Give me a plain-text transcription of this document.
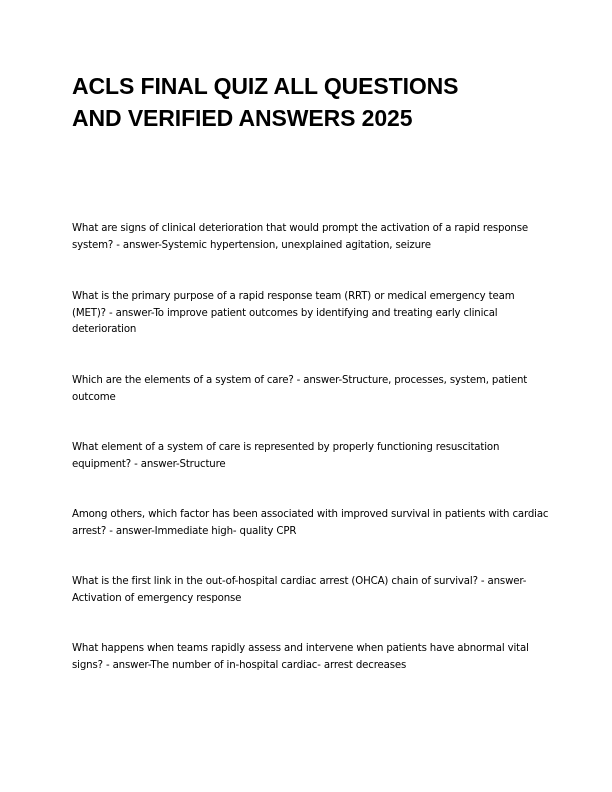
ACLS FINAL QUIZ ALL QUESTIONS
AND VERIFIED ANSWERS 2025

What are signs of clinical deterioration that would prompt the activation of a rapid response
system? - answer-Systemic hypertension, unexplained agitation, seizure

What is the primary purpose of a rapid response team (RRT) or medical emergency team
(MET)? - answer-To improve patient outcomes by identifying and treating early clinical
deterioration

Which are the elements of a system of care? - answer-Structure, processes, system, patient
outcome

What element of a system of care is represented by properly functioning resuscitation
equipment? - answer-Structure

Among others, which factor has been associated with improved survival in patients with cardiac
arrest? - answer-Immediate high- quality CPR

What is the first link in the out-of-hospital cardiac arrest (OHCA) chain of survival? - answer-
Activation of emergency response

What happens when teams rapidly assess and intervene when patients have abnormal vital
signs? - answer-The number of in-hospital cardiac- arrest decreases
